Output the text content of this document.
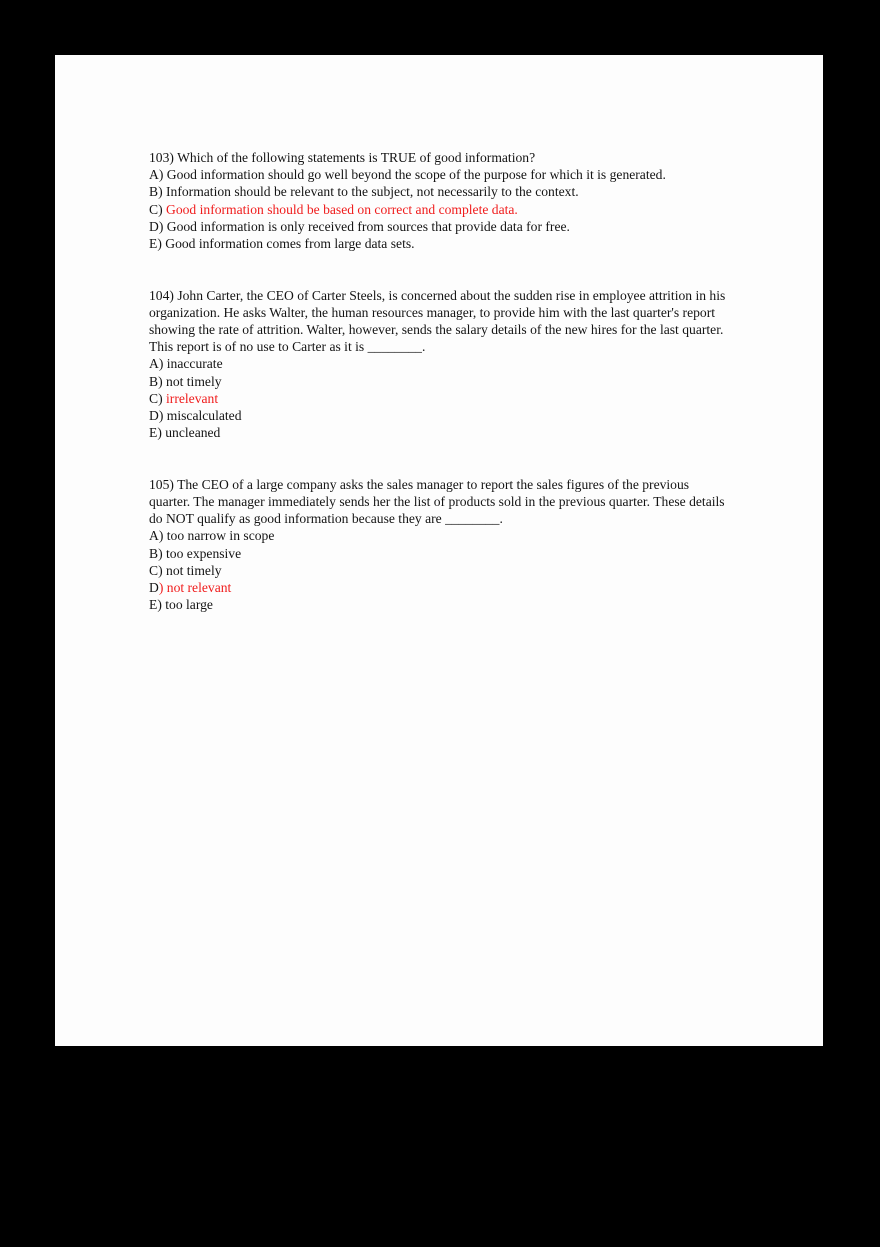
103) Which of the following statements is TRUE of good information?

A) Good information should go well beyond the scope of the purpose for which it is generated.
B) Information should be relevant to the subject, not necessarily to the context.
C) Good information should be based on correct and complete data.
D) Good information is only received from sources that provide data for free.
E) Good information comes from large data sets.

104) John Carter, the CEO of Carter Steels, is concerned about the sudden rise in employee attrition in his organization. He asks Walter, the human resources manager, to provide him with the last quarter's report showing the rate of attrition. Walter, however, sends the salary details of the new hires for the last quarter. This report is of no use to Carter as it is ________.

A) inaccurate
B) not timely
C) irrelevant
D) miscalculated
E) uncleaned

105) The CEO of a large company asks the sales manager to report the sales figures of the previous quarter. The manager immediately sends her the list of products sold in the previous quarter. These details do NOT qualify as good information because they are ________.

A) too narrow in scope
B) too expensive
C) not timely
D) not relevant
E) too large
